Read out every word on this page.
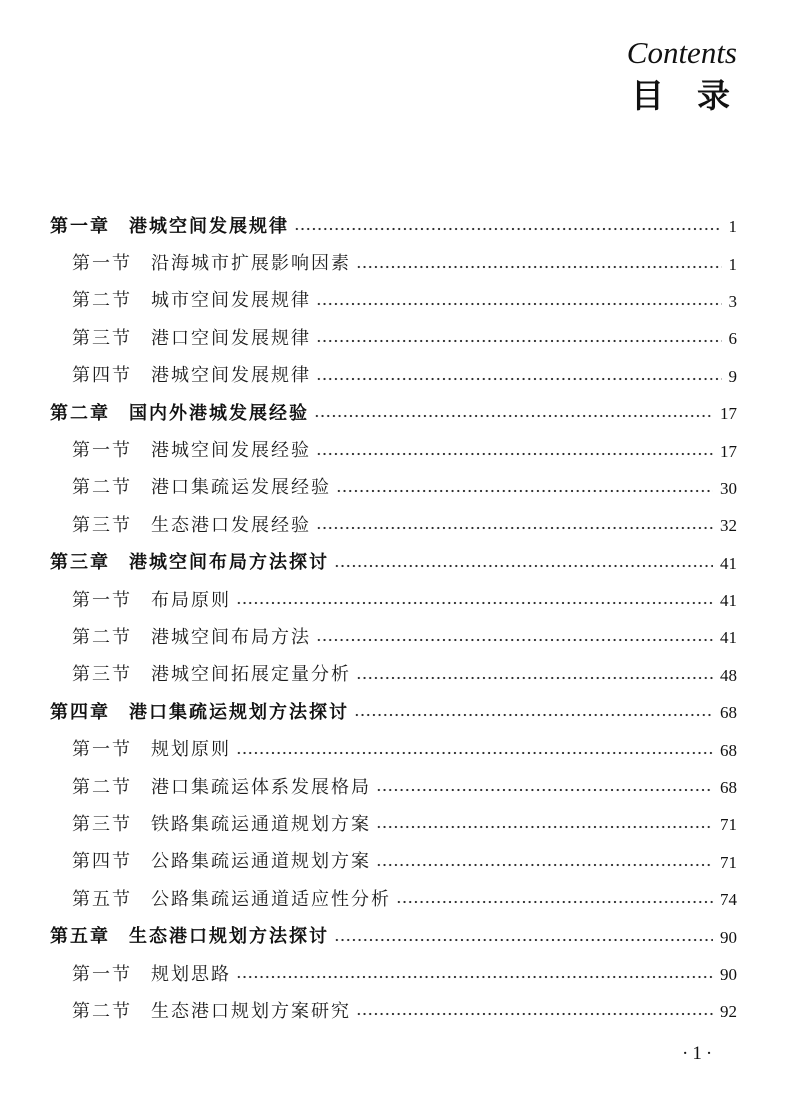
Contents
目　录
第一章 港城空间发展规律	1
第一节 沿海城市扩展影响因素	1
第二节 城市空间发展规律	3
第三节 港口空间发展规律	6
第四节 港城空间发展规律	9
第二章 国内外港城发展经验	17
第一节 港城空间发展经验	17
第二节 港口集疏运发展经验	30
第三节 生态港口发展经验	32
第三章 港城空间布局方法探讨	41
第一节 布局原则	41
第二节 港城空间布局方法	41
第三节 港城空间拓展定量分析	48
第四章 港口集疏运规划方法探讨	68
第一节 规划原则	68
第二节 港口集疏运体系发展格局	68
第三节 铁路集疏运通道规划方案	71
第四节 公路集疏运通道规划方案	71
第五节 公路集疏运通道适应性分析	74
第五章 生态港口规划方法探讨	90
第一节 规划思路	90
第二节 生态港口规划方案研究	92
·1·
